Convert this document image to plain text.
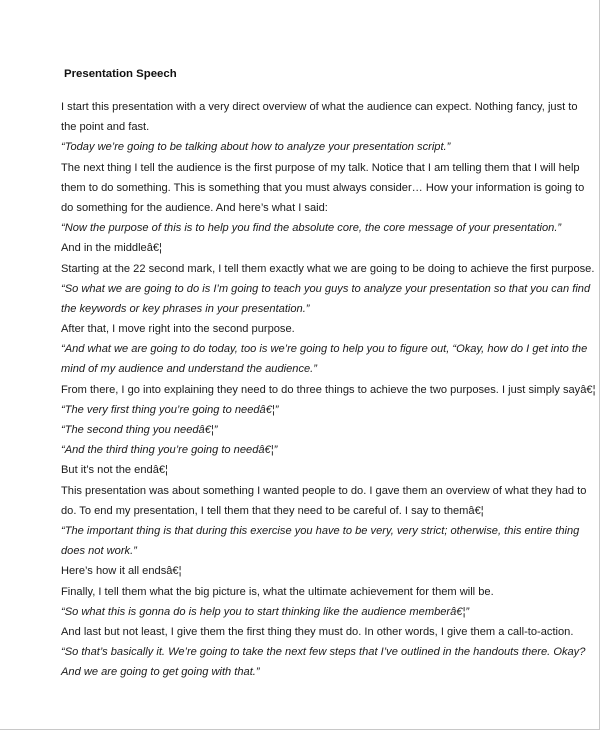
Presentation Speech
I start this presentation with a very direct overview of what the audience can expect. Nothing fancy, just to
the point and fast.
“Today we’re going to be talking about how to analyze your presentation script.”
The next thing I tell the audience is the first purpose of my talk. Notice that I am telling them that I will help
them to do something. This is something that you must always consider… How your information is going to
do something for the audience. And here’s what I said:
“Now the purpose of this is to help you find the absolute core, the core message of your presentation.”
And in the middleâ€¦
Starting at the 22 second mark, I tell them exactly what we are going to be doing to achieve the first purpose.
“So what we are going to do is I’m going to teach you guys to analyze your presentation so that you can find
the keywords or key phrases in your presentation.”
After that, I move right into the second purpose.
“And what we are going to do today, too is we’re going to help you to figure out, “Okay, how do I get into the
mind of my audience and understand the audience.”
From there, I go into explaining they need to do three things to achieve the two purposes. I just simply sayâ€¦
“The very first thing you’re going to needâ€¦”
“The second thing you needâ€¦”
“And the third thing you’re going to needâ€¦”
But it’s not the endâ€¦
This presentation was about something I wanted people to do. I gave them an overview of what they had to
do. To end my presentation, I tell them that they need to be careful of. I say to themâ€¦
“The important thing is that during this exercise you have to be very, very strict; otherwise, this entire thing
does not work.”
Here’s how it all endsâ€¦
Finally, I tell them what the big picture is, what the ultimate achievement for them will be.
“So what this is gonna do is help you to start thinking like the audience memberâ€¦”
And last but not least, I give them the first thing they must do. In other words, I give them a call-to-action.
“So that’s basically it. We’re going to take the next few steps that I’ve outlined in the handouts there. Okay?
And we are going to get going with that.”
